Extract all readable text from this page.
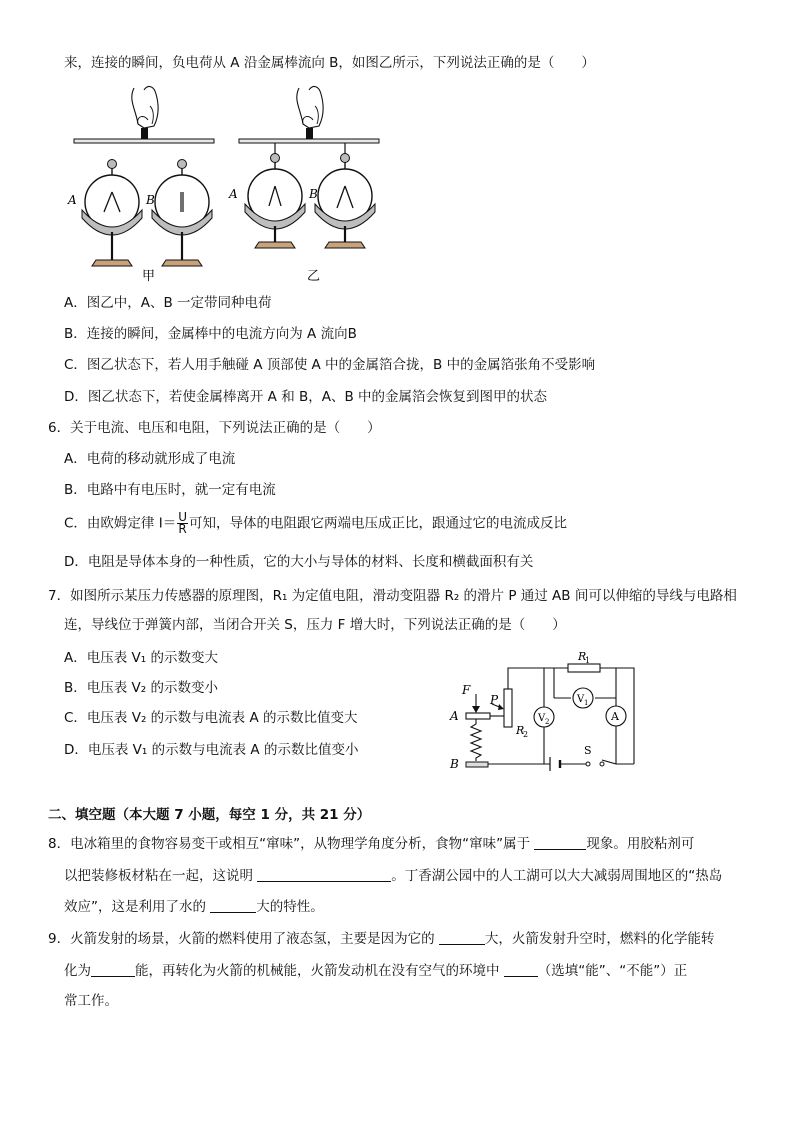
来，连接的瞬间，负电荷从 A 沿金属棒流向 B，如图乙所示，下列说法正确的是（　　）
A	B
甲
A	B
乙
A．图乙中，A、B 一定带同种电荷
B．连接的瞬间，金属棒中的电流方向为 A 流向B
C．图乙状态下，若人用手触碰 A 顶部使 A 中的金属箔合拢，B 中的金属箔张角不受影响
D．图乙状态下，若使金属棒离开 A 和 B，A、B 中的金属箔会恢复到图甲的状态
6．关于电流、电压和电阻，下列说法正确的是（　　）
A．电荷的移动就形成了电流
B．电路中有电压时，就一定有电流
C．由欧姆定律 $I= \frac{U}{R}$ 可知，导体的电阻跟它两端电压成正比，跟通过它的电流成反比
D．电阻是导体本身的一种性质，它的大小与导体的材料、长度和横截面积有关
7．如图所示某压力传感器的原理图，R₁ 为定值电阻，滑动变阻器 R₂ 的滑片 P 通过 AB 间可以伸缩的导线与电路相
连，导线位于弹簧内部，当闭合开关 S，压力 F 增大时，下列说法正确的是（　　）
A．电压表 V₁ 的示数变大
B．电压表 V₂ 的示数变小
C．电压表 V₂ 的示数与电流表 A 的示数比值变大
D．电压表 V₁ 的示数与电流表 A 的示数比值变小
F
P
A
B
R
2
R
1
V 1
V 2	A
S
二、填空题（本大题 7 小题，每空 1 分，共 21 分）
8．电冰箱里的食物容易变干或相互“窜味”，从物理学角度分析，食物“窜味”属于	现象。用胶粘剂可
以把装修板材粘在一起，这说明	。丁香湖公园中的人工湖可以大大减弱周围地区的“热岛
效应”，这是利用了水的	大的特性。
9．火箭发射的场景，火箭的燃料使用了液态氢，主要是因为它的	大，火箭发射升空时，燃料的化学能转
化为	能，再转化为火箭的机械能，火箭发动机在没有空气的环境中	（选填“能”、“不能”）正
常工作。
